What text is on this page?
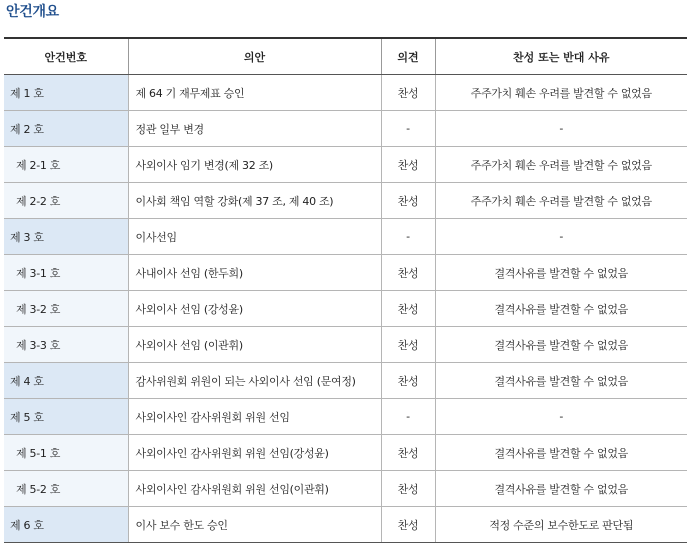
안건개요
안건번호	의안	의견	찬성 또는 반대 사유
제 1 호	제 64 기 재무제표 승인	찬성	주주가치 훼손 우려를 발견할 수 없었음
제 2 호	정관 일부 변경	-	-
제 2-1 호	사외이사 임기 변경(제 32 조)	찬성	주주가치 훼손 우려를 발견할 수 없었음
제 2-2 호	이사회 책임 역할 강화(제 37 조, 제 40 조)	찬성	주주가치 훼손 우려를 발견할 수 없었음
제 3 호	이사선임	-	-
제 3-1 호	사내이사 선임 (한두희)	찬성	결격사유를 발견할 수 없었음
제 3-2 호	사외이사 선임 (강성윤)	찬성	결격사유를 발견할 수 없었음
제 3-3 호	사외이사 선임 (이관휘)	찬성	결격사유를 발견할 수 없었음
제 4 호	감사위원회 위원이 되는 사외이사 선임 (문여정)	찬성	결격사유를 발견할 수 없었음
제 5 호	사외이사인 감사위원회 위원 선임	-	-
제 5-1 호	사외이사인 감사위원회 위원 선임(강성윤)	찬성	결격사유를 발견할 수 없었음
제 5-2 호	사외이사인 감사위원회 위원 선임(이관휘)	찬성	결격사유를 발견할 수 없었음
제 6 호	이사 보수 한도 승인	찬성	적정 수준의 보수한도로 판단됨
